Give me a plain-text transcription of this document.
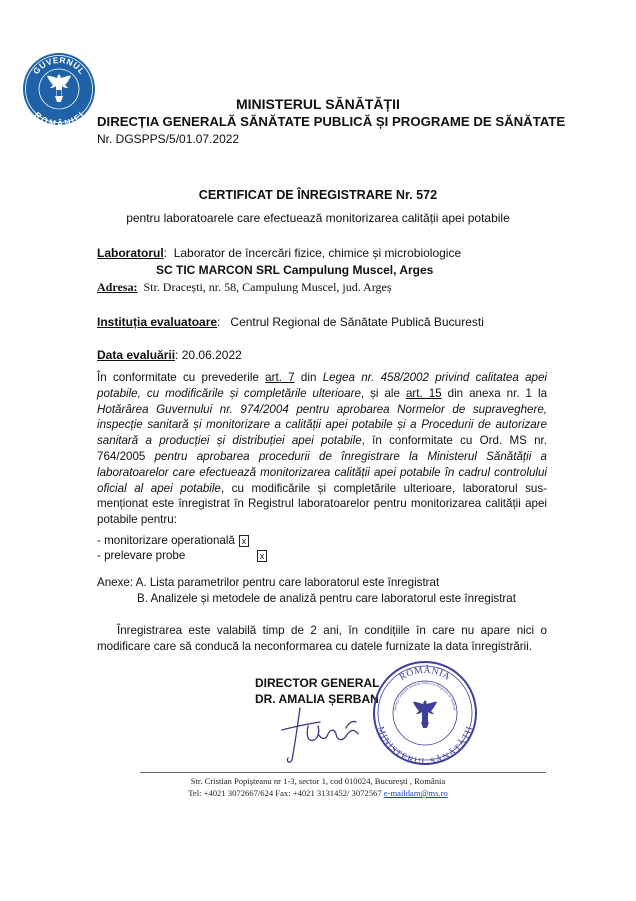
GUVERNUL
ROMÂNIEI
MINISTERUL SĂNĂTĂȚII
DIRECȚIA GENERALĂ SĂNĂTATE PUBLICĂ ȘI PROGRAME DE SĂNĂTATE
Nr. DGSPPS/5/01.07.2022
CERTIFICAT DE ÎNREGISTRARE Nr. 572
pentru laboratoarele care efectuează monitorizarea calității apei potabile
Laboratorul: Laborator de încercări fizice, chimice și microbiologice
SC TIC MARCON SRL Campulung Muscel, Arges
Adresa: Str. Dracești, nr. 58, Campulung Muscel, jud. Argeș
Instituția evaluatoare: Centrul Regional de Sănătate Publică Bucuresti
Data evaluării: 20.06.2022
În conformitate cu prevederile art. 7 din Legea nr. 458/2002 privind calitatea apei potabile, cu modificările și completările ulterioare, și ale art. 15 din anexa nr. 1 la Hotărârea Guvernului nr. 974/2004 pentru aprobarea Normelor de supraveghere, inspecție sanitară și monitorizare a calității apei potabile și a Procedurii de autorizare sanitară a producției și distribuției apei potabile, în conformitate cu Ord. MS nr. 764/2005 pentru aprobarea procedurii de înregistrare la Ministerul Sănătății a laboratoarelor care efectuează monitorizarea calității apei potabile în cadrul controlului oficial al apei potabile, cu modificările și completările ulterioare, laboratorul sus-menționat este înregistrat în Registrul laboratoarelor pentru monitorizarea calității apei potabile pentru:
- monitorizare operatională x
- prelevare probe	x
Anexe: A. Lista parametrilor pentru care laboratorul este înregistrat
B. Analizele și metodele de analiză pentru care laboratorul este înregistrat
Înregistrarea este valabilă timp de 2 ani, în condițiile în care nu apare nici o modificare care să conducă la neconformarea cu datele furnizate la data înregistrării.
DIRECTOR GENERAL
DR. AMALIA ȘERBAN
ROMÂNIA
MINISTERUL SĂNĂTĂȚII
Direcția Generală Sănătate Publică și Programe de Sănătate
Str. Cristian Popișteanu nr 1-3, sector 1, cod 010024, București , România
Tel: +4021 3072667/624 Fax: +4021 3131452/ 3072567 e-maildam@ms.ro
